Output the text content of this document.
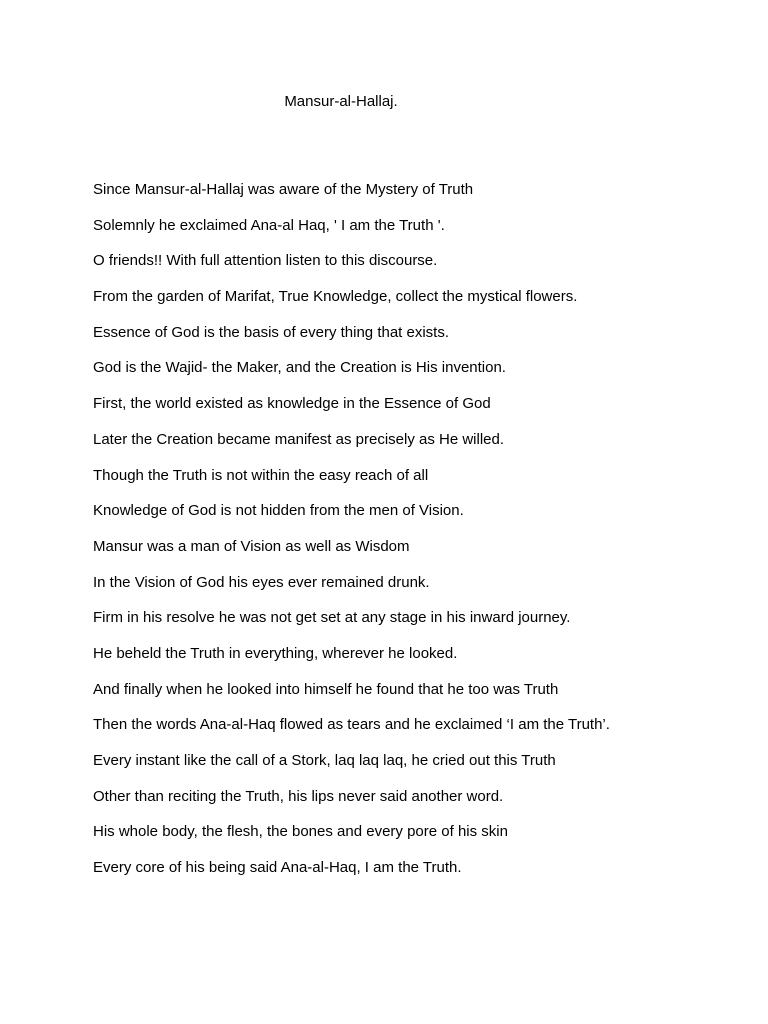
Mansur-al-Hallaj.
Since Mansur-al-Hallaj was aware of the Mystery of Truth
Solemnly he exclaimed Ana-al Haq, ' I am the Truth '.
O friends!! With full attention listen to this discourse.
From the garden of Marifat, True Knowledge, collect the mystical flowers.
Essence of God is the basis of every thing that exists.
God is the Wajid- the Maker, and the Creation is His invention.
First, the world existed as knowledge in the Essence of God
Later the Creation became manifest as precisely as He willed.
Though the Truth is not within the easy reach of all
Knowledge of God is not hidden from the men of Vision.
Mansur was a man of Vision as well as Wisdom
In the Vision of God his eyes ever remained drunk.
Firm in his resolve he was not get set at any stage in his inward journey.
He beheld the Truth in everything, wherever he looked.
And finally when he looked into himself he found that he too was Truth
Then the words Ana-al-Haq flowed as tears and he exclaimed ‘I am the Truth’.
Every instant like the call of a Stork, laq laq laq, he cried out this Truth
Other than reciting the Truth, his lips never said another word.
His whole body, the flesh, the bones and every pore of his skin
Every core of his being said Ana-al-Haq, I am the Truth.
